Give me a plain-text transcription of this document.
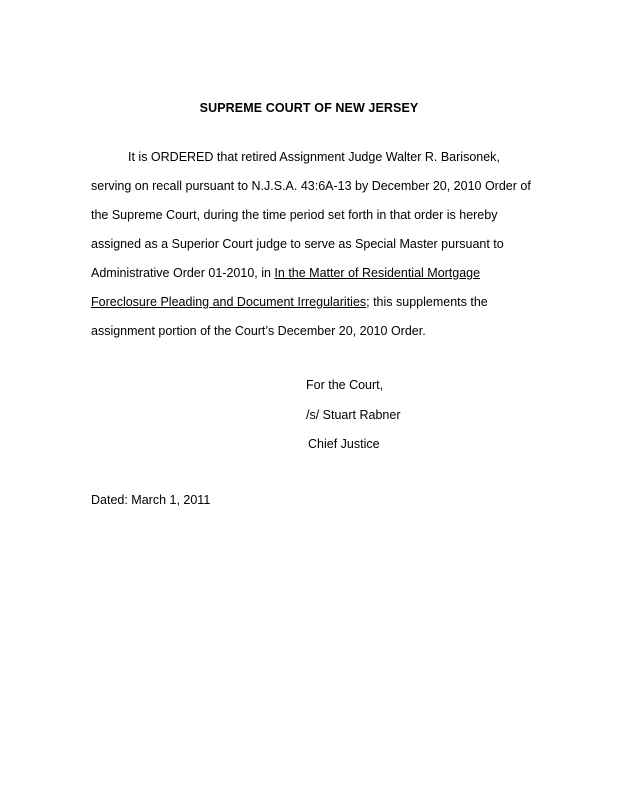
SUPREME COURT OF NEW JERSEY
It is ORDERED that retired Assignment Judge Walter R. Barisonek,
serving on recall pursuant to N.J.S.A. 43:6A-13 by December 20, 2010 Order of
the Supreme Court, during the time period set forth in that order is hereby
assigned as a Superior Court judge to serve as Special Master pursuant to
Administrative Order 01-2010, in In the Matter of Residential Mortgage
Foreclosure Pleading and Document Irregularities; this supplements the
assignment portion of the Court’s December 20, 2010 Order.
For the Court,
/s/ Stuart Rabner
Chief Justice
Dated: March 1, 2011
